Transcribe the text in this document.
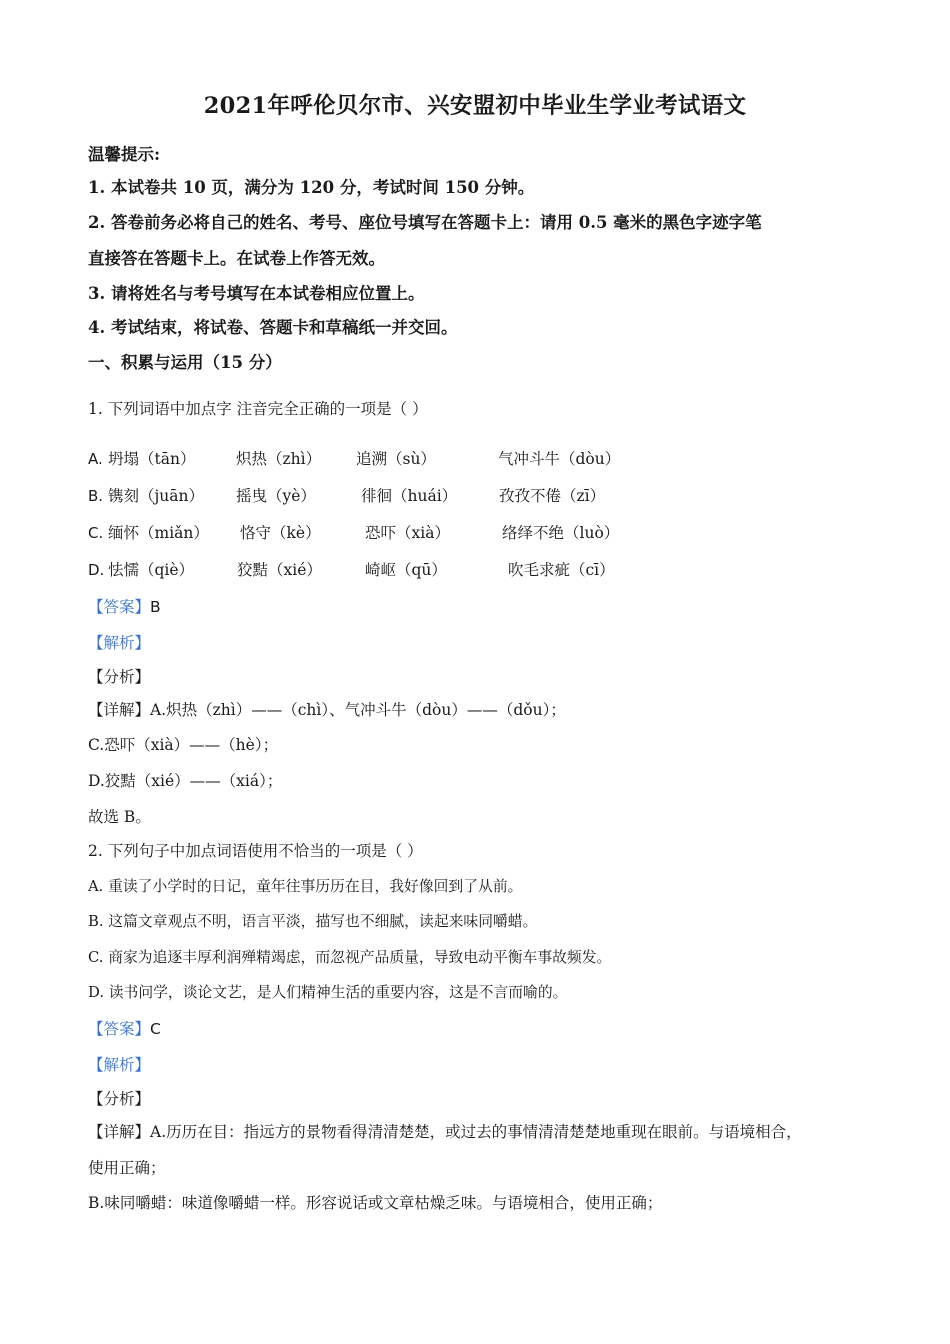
2021年呼伦贝尔市、兴安盟初中毕业生学业考试语文
温馨提示:
1. 本试卷共 10 页，满分为 120 分，考试时间 150 分钟。
2. 答卷前务必将自己的姓名、考号、座位号填写在答题卡上：请用 0.5 毫米的黑色字迹字笔
直接答在答题卡上。在试卷上作答无效。
3. 请将姓名与考号填写在本试卷相应位置上。
4. 考试结束，将试卷、答题卡和草稿纸一并交回。
一、积累与运用（15 分）
1. 下列词语中加点字 注音完全正确的一项是（ ）
A. 坍塌（tān）	炽热（zhì） 追溯（sù）	气冲斗牛（dòu）
B. 镌刻（juān） 摇曳（yè）	徘徊（huái）	孜孜不倦（zī）
C. 缅怀（miǎn） 恪守（kè）	恐吓（xià）	络绎不绝（luò）
D. 怯懦（qiè）	狡黠（xié）	崎岖（qū）	吹毛求疵（cī）
【答案】B
【解析】
【分析】
【详解】A.炽热（zhì）——（chì）、气冲斗牛（dòu）——（dǒu）；
C.恐吓（xià）——（hè）；
D.狡黠（xié）——（xiá）；
故选 B。
2. 下列句子中加点词语使用不恰当的一项是（ ）
A. 重读了小学时的日记，童年往事历历在目，我好像回到了从前。
B. 这篇文章观点不明，语言平淡，描写也不细腻，读起来味同嚼蜡。
C. 商家为追逐丰厚利润殚精竭虑，而忽视产品质量，导致电动平衡车事故频发。
D. 读书问学，谈论文艺，是人们精神生活的重要内容，这是不言而喻的。
【答案】C
【解析】
【分析】
【详解】A.历历在目：指远方的景物看得清清楚楚，或过去的事情清清楚楚地重现在眼前。与语境相合，
使用正确；
B.味同嚼蜡：味道像嚼蜡一样。形容说话或文章枯燥乏味。与语境相合，使用正确；
